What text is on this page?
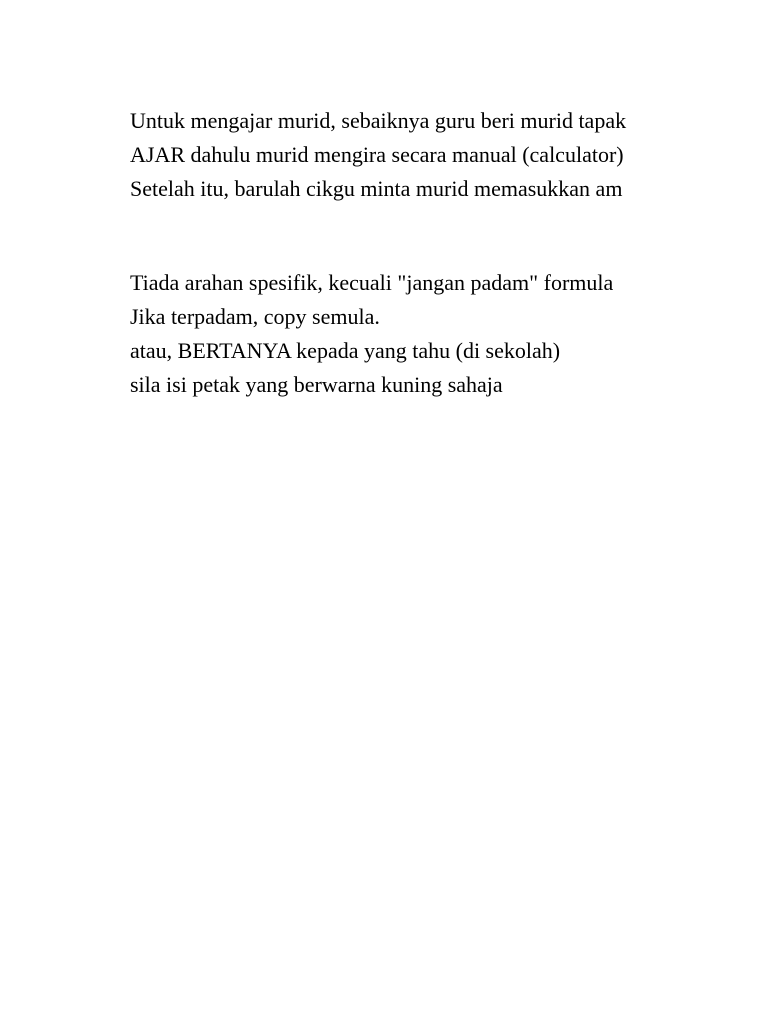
Untuk mengajar murid, sebaiknya guru beri murid tapak
AJAR dahulu murid mengira secara manual (calculator)
Setelah itu, barulah cikgu minta murid memasukkan am
Tiada arahan spesifik, kecuali "jangan padam" formula
Jika terpadam, copy semula.
atau, BERTANYA kepada yang tahu (di sekolah)
sila isi petak yang berwarna kuning sahaja
